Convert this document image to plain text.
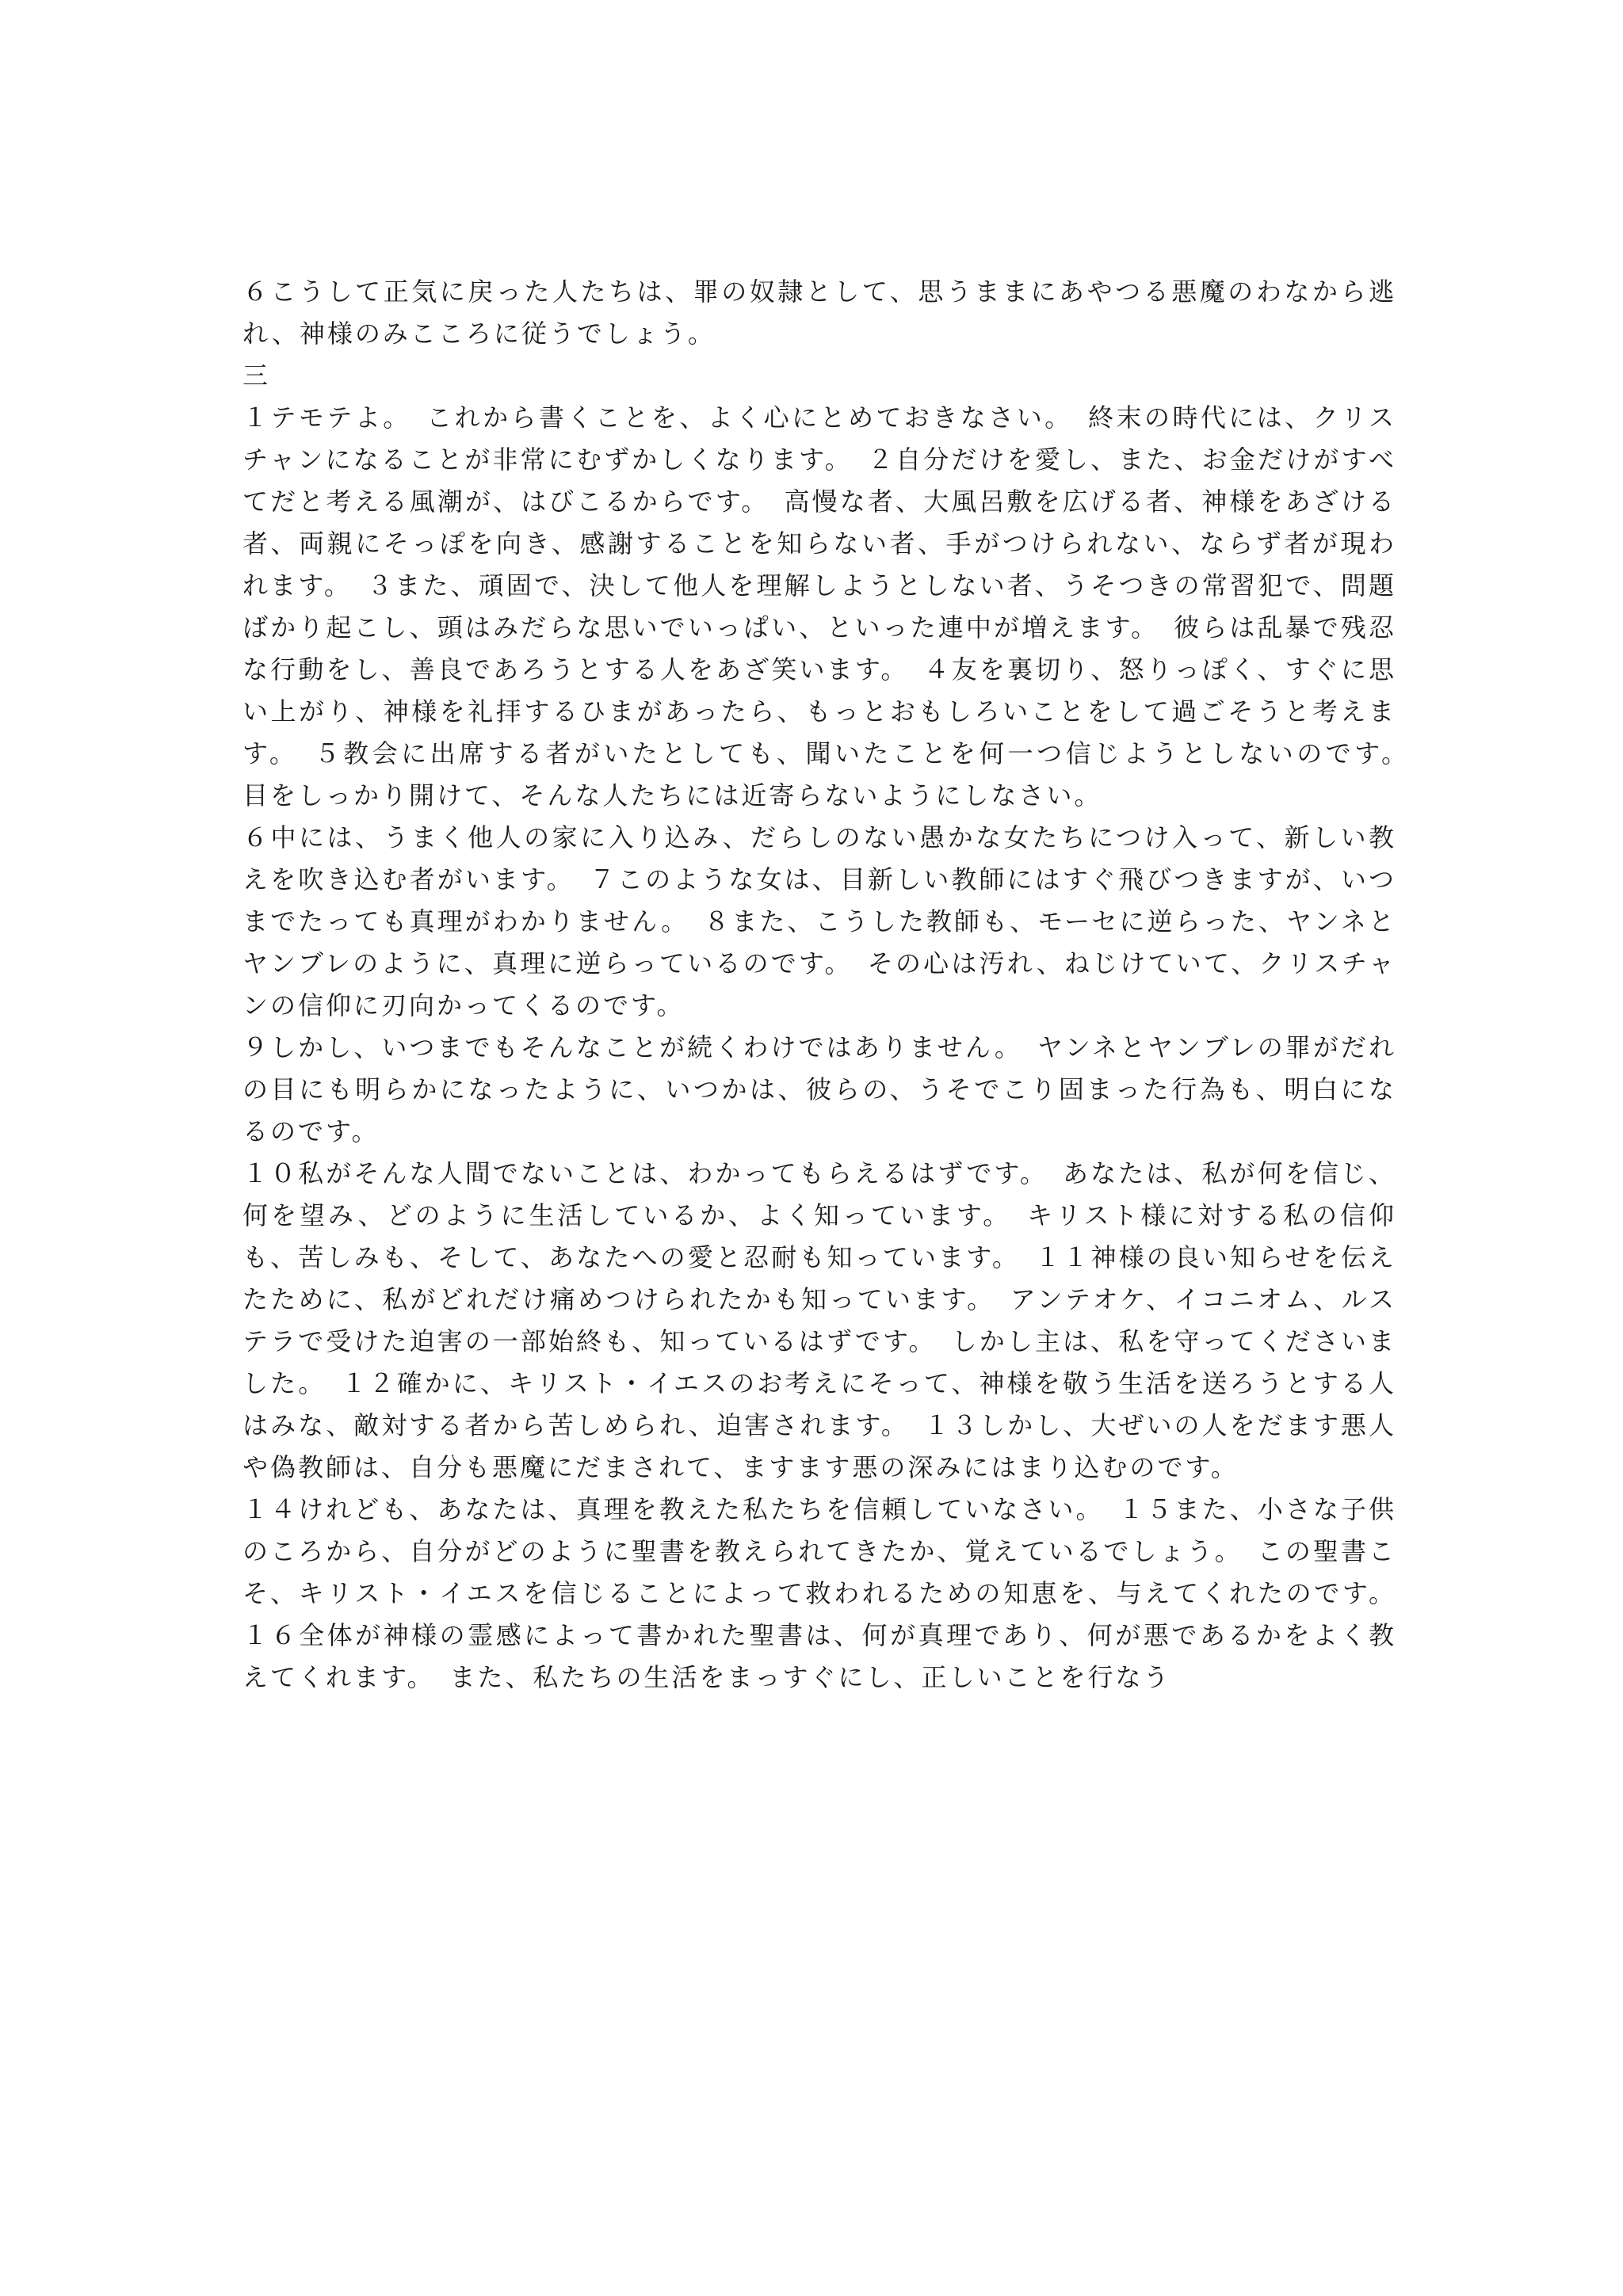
６こうして正気に戻った人たちは、罪の奴隷として、思うままにあやつる悪魔のわなから逃れ、神様のみこころに従うでしょう。

三

１テモテよ。　これから書くことを、よく心にとめておきなさい。　終末の時代には、クリスチャンになることが非常にむずかしくなります。　２自分だけを愛し、また、お金だけがすべてだと考える風潮が、はびこるからです。　高慢な者、大風呂敷を広げる者、神様をあざける者、両親にそっぽを向き、感謝することを知らない者、手がつけられない、ならず者が現われます。　３また、頑固で、決して他人を理解しようとしない者、うそつきの常習犯で、問題ばかり起こし、頭はみだらな思いでいっぱい、といった連中が増えます。　彼らは乱暴で残忍な行動をし、善良であろうとする人をあざ笑います。　４友を裏切り、怒りっぽく、すぐに思い上がり、神様を礼拝するひまがあったら、もっとおもしろいことをして過ごそうと考えます。　５教会に出席する者がいたとしても、聞いたことを何一つ信じようとしないのです。　目をしっかり開けて、そんな人たちには近寄らないようにしなさい。

６中には、うまく他人の家に入り込み、だらしのない愚かな女たちにつけ入って、新しい教えを吹き込む者がいます。　７このような女は、目新しい教師にはすぐ飛びつきますが、いつまでたっても真理がわかりません。　８また、こうした教師も、モーセに逆らった、ヤンネとヤンブレのように、真理に逆らっているのです。　その心は汚れ、ねじけていて、クリスチャンの信仰に刃向かってくるのです。

９しかし、いつまでもそんなことが続くわけではありません。　ヤンネとヤンブレの罪がだれの目にも明らかになったように、いつかは、彼らの、うそでこり固まった行為も、明白になるのです。

１０私がそんな人間でないことは、わかってもらえるはずです。　あなたは、私が何を信じ、何を望み、どのように生活しているか、よく知っています。　キリスト様に対する私の信仰も、苦しみも、そして、あなたへの愛と忍耐も知っています。　１１神様の良い知らせを伝えたために、私がどれだけ痛めつけられたかも知っています。　アンテオケ、イコニオム、ルステラで受けた迫害の一部始終も、知っているはずです。　しかし主は、私を守ってくださいました。　１２確かに、キリスト・イエスのお考えにそって、神様を敬う生活を送ろうとする人はみな、敵対する者から苦しめられ、迫害されます。　１３しかし、大ぜいの人をだます悪人や偽教師は、自分も悪魔にだまされて、ますます悪の深みにはまり込むのです。

１４けれども、あなたは、真理を教えた私たちを信頼していなさい。　１５また、小さな子供のころから、自分がどのように聖書を教えられてきたか、覚えているでしょう。　この聖書こそ、キリスト・イエスを信じることによって救われるための知恵を、与えてくれたのです。１６全体が神様の霊感によって書かれた聖書は、何が真理であり、何が悪であるかをよく教えてくれます。　また、私たちの生活をまっすぐにし、正しいことを行なう
